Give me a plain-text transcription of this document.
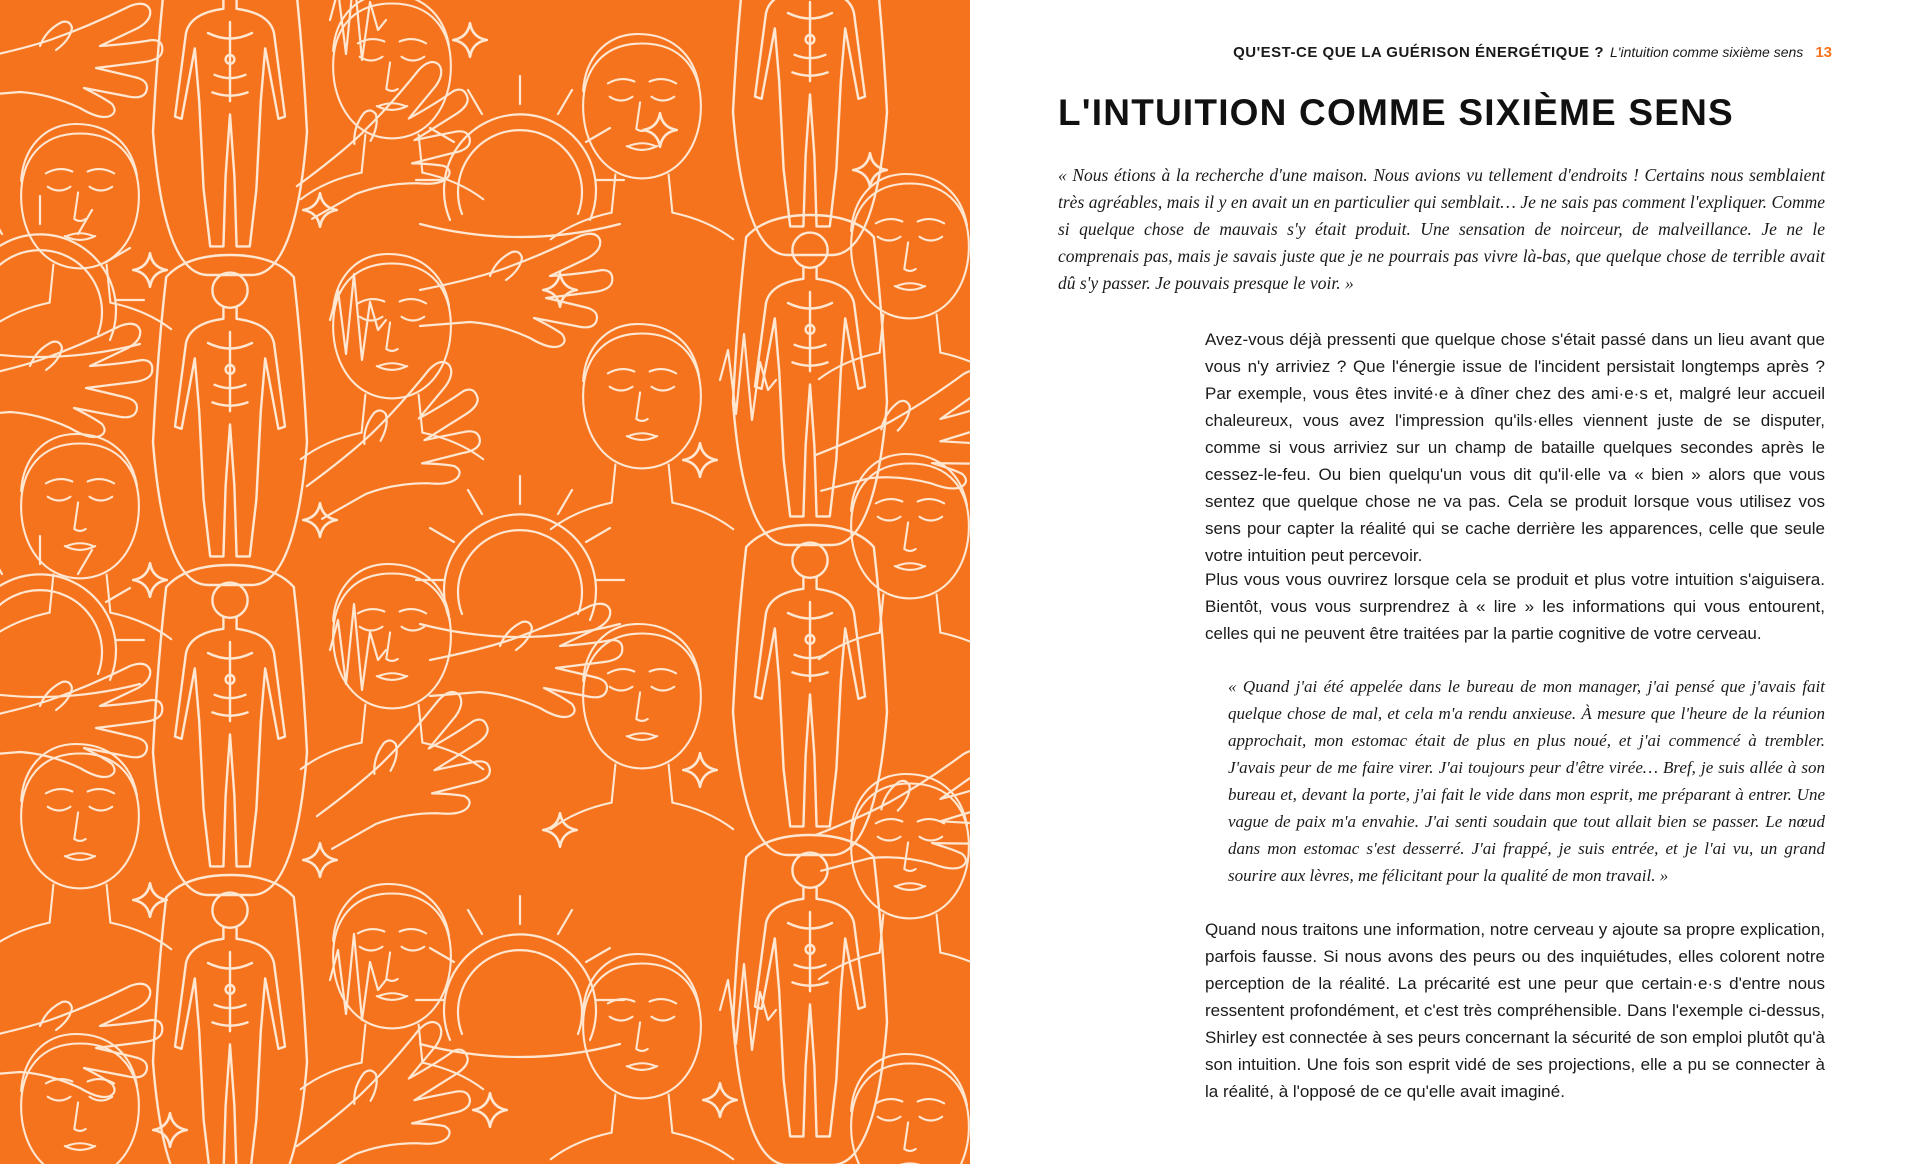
QU'EST-CE QUE LA GUÉRISON ÉNERGÉTIQUE ? L'intuition comme sixième sens 13
L'INTUITION COMME SIXIÈME SENS

« Nous étions à la recherche d'une maison. Nous avions vu tellement d'endroits ! Certains nous semblaient très agréables, mais il y en avait un en particulier qui semblait… Je ne sais pas comment l'expliquer. Comme si quelque chose de mauvais s'y était produit. Une sensation de noirceur, de malveillance. Je ne le comprenais pas, mais je savais juste que je ne pourrais pas vivre là-bas, que quelque chose de terrible avait dû s'y passer. Je pouvais presque le voir. »

Avez-vous déjà pressenti que quelque chose s'était passé dans un lieu avant que vous n'y arriviez ? Que l'énergie issue de l'incident persistait longtemps après ? Par exemple, vous êtes invité·e à dîner chez des ami·e·s et, malgré leur accueil chaleureux, vous avez l'impression qu'ils·elles viennent juste de se disputer, comme si vous arriviez sur un champ de bataille quelques secondes après le cessez-le-feu. Ou bien quelqu'un vous dit qu'il·elle va « bien » alors que vous sentez que quelque chose ne va pas. Cela se produit lorsque vous utilisez vos sens pour capter la réalité qui se cache derrière les apparences, celle que seule votre intuition peut percevoir.

Plus vous vous ouvrirez lorsque cela se produit et plus votre intuition s'aiguisera. Bientôt, vous vous surprendrez à « lire » les informations qui vous entourent, celles qui ne peuvent être traitées par la partie cognitive de votre cerveau.

« Quand j'ai été appelée dans le bureau de mon manager, j'ai pensé que j'avais fait quelque chose de mal, et cela m'a rendu anxieuse. À mesure que l'heure de la réunion approchait, mon estomac était de plus en plus noué, et j'ai commencé à trembler. J'avais peur de me faire virer. J'ai toujours peur d'être virée… Bref, je suis allée à son bureau et, devant la porte, j'ai fait le vide dans mon esprit, me préparant à entrer. Une vague de paix m'a envahie. J'ai senti soudain que tout allait bien se passer. Le nœud dans mon estomac s'est desserré. J'ai frappé, je suis entrée, et je l'ai vu, un grand sourire aux lèvres, me félicitant pour la qualité de mon travail. »

Quand nous traitons une information, notre cerveau y ajoute sa propre explication, parfois fausse. Si nous avons des peurs ou des inquiétudes, elles colorent notre perception de la réalité. La précarité est une peur que certain·e·s d'entre nous ressentent profondément, et c'est très compréhensible. Dans l'exemple ci-dessus, Shirley est connectée à ses peurs concernant la sécurité de son emploi plutôt qu'à son intuition. Une fois son esprit vidé de ses projections, elle a pu se connecter à la réalité, à l'opposé de ce qu'elle avait imaginé.
